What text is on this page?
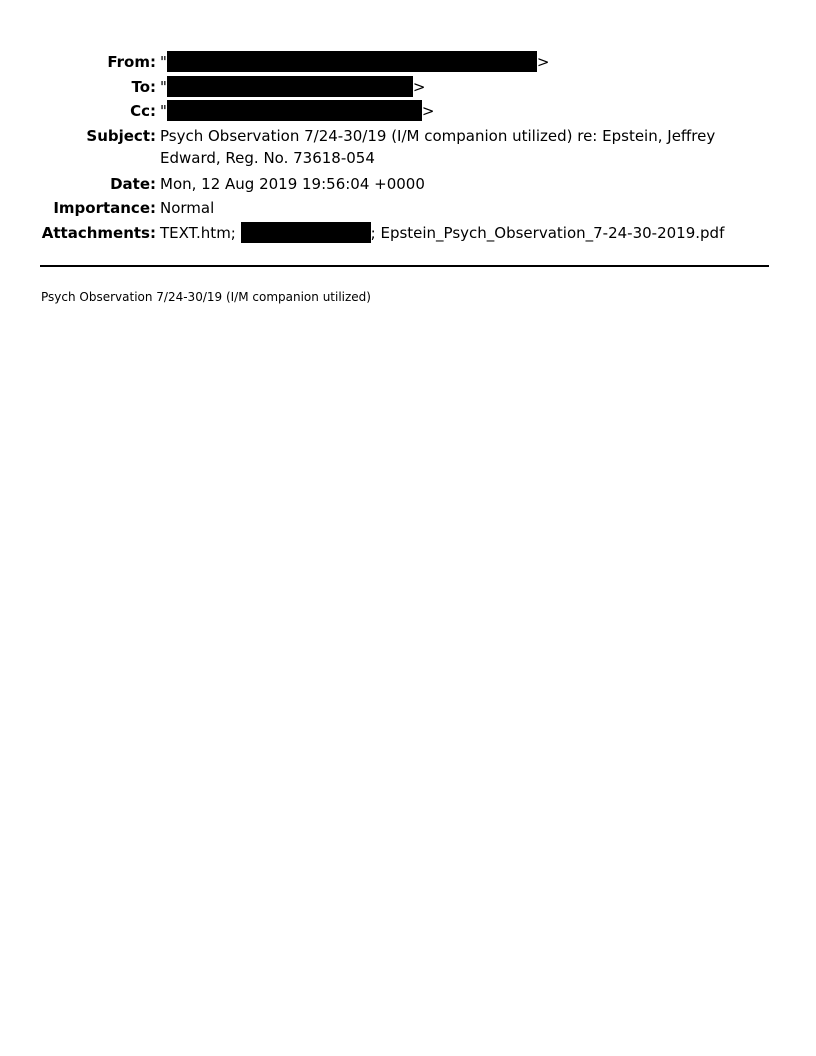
From: "	>
To: "	>
Cc: "	>
Subject: Psych Observation 7/24-30/19 (I/M companion utilized) re: Epstein, Jeffrey Edward, Reg. No. 73618-054
Date: Mon, 12 Aug 2019 19:56:04 +0000
Importance: Normal
Attachments: TEXT.htm;	; Epstein_Psych_Observation_7-24-30-2019.pdf
Psych Observation 7/24-30/19 (I/M companion utilized)
